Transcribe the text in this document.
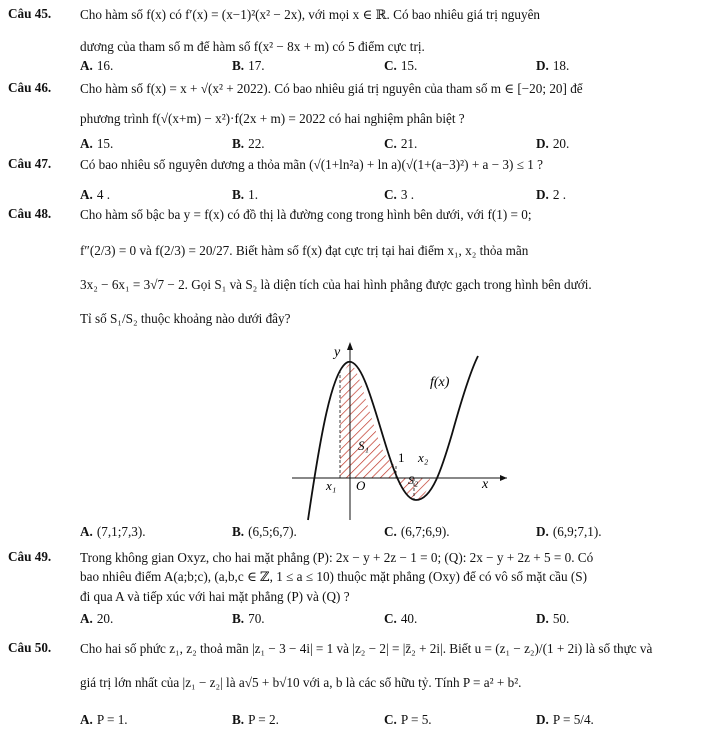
Câu 45. Cho hàm số f(x) có f′(x) = (x−1)²(x² − 2x), với mọi x ∈ ℝ. Có bao nhiêu giá trị nguyên
dương của tham số m để hàm số f(x² − 8x + m) có 5 điểm cực trị.
A. 16.	B. 17.	C. 15.	D. 18.
Câu 46. Cho hàm số f(x) = x + √(x² + 2022). Có bao nhiêu giá trị nguyên của tham số m ∈ [−20; 20] để
phương trình f(√(x+m) − x²)·f(2x + m) = 2022 có hai nghiệm phân biệt ?
A. 15.	B. 22.	C. 21.	D. 20.
Câu 47. Có bao nhiêu số nguyên dương a thỏa mãn (√(1+ln²a) + ln a)(√(1+(a−3)²) + a − 3) ≤ 1 ?
A. 4 .	B. 1.	C. 3 .	D. 2 .
Câu 48. Cho hàm số bậc ba y = f(x) có đồ thị là đường cong trong hình bên dưới, với f(1) = 0;
f″(2/3) = 0 và f(2/3) = 20/27. Biết hàm số f(x) đạt cực trị tại hai điểm x₁, x₂ thỏa mãn
3x₂ − 6x₁ = 3√7 − 2. Gọi S₁ và S₂ là diện tích của hai hình phẳng được gạch trong hình bên dưới.
Tỉ số S₁/S₂ thuộc khoảng nào dưới đây?
y
x
f(x)
S₁
S₂
1 x₂
x₁ O
A. (7,1;7,3).	B. (6,5;6,7).	C. (6,7;6,9).	D. (6,9;7,1).
Câu 49. Trong không gian Oxyz, cho hai mặt phẳng (P): 2x − y + 2z − 1 = 0; (Q): 2x − y + 2z + 5 = 0. Có
bao nhiêu điểm A(a;b;c), (a,b,c ∈ ℤ, 1 ≤ a ≤ 10) thuộc mặt phẳng (Oxy) để có vô số mặt cầu (S)
đi qua A và tiếp xúc với hai mặt phẳng (P) và (Q) ?
A. 20.	B. 70.	C. 40.	D. 50.
Câu 50. Cho hai số phức z₁, z₂ thoả mãn |z₁ − 3 − 4i| = 1 và |z₂ − 2| = |z̄₂ + 2i|. Biết u = (z₁ − z₂)/(1 + 2i) là số thực và
giá trị lớn nhất của |z₁ − z₂| là a√5 + b√10 với a, b là các số hữu tỷ. Tính P = a² + b².
A. P = 1.	B. P = 2.	C. P = 5.	D. P = 5/4.
